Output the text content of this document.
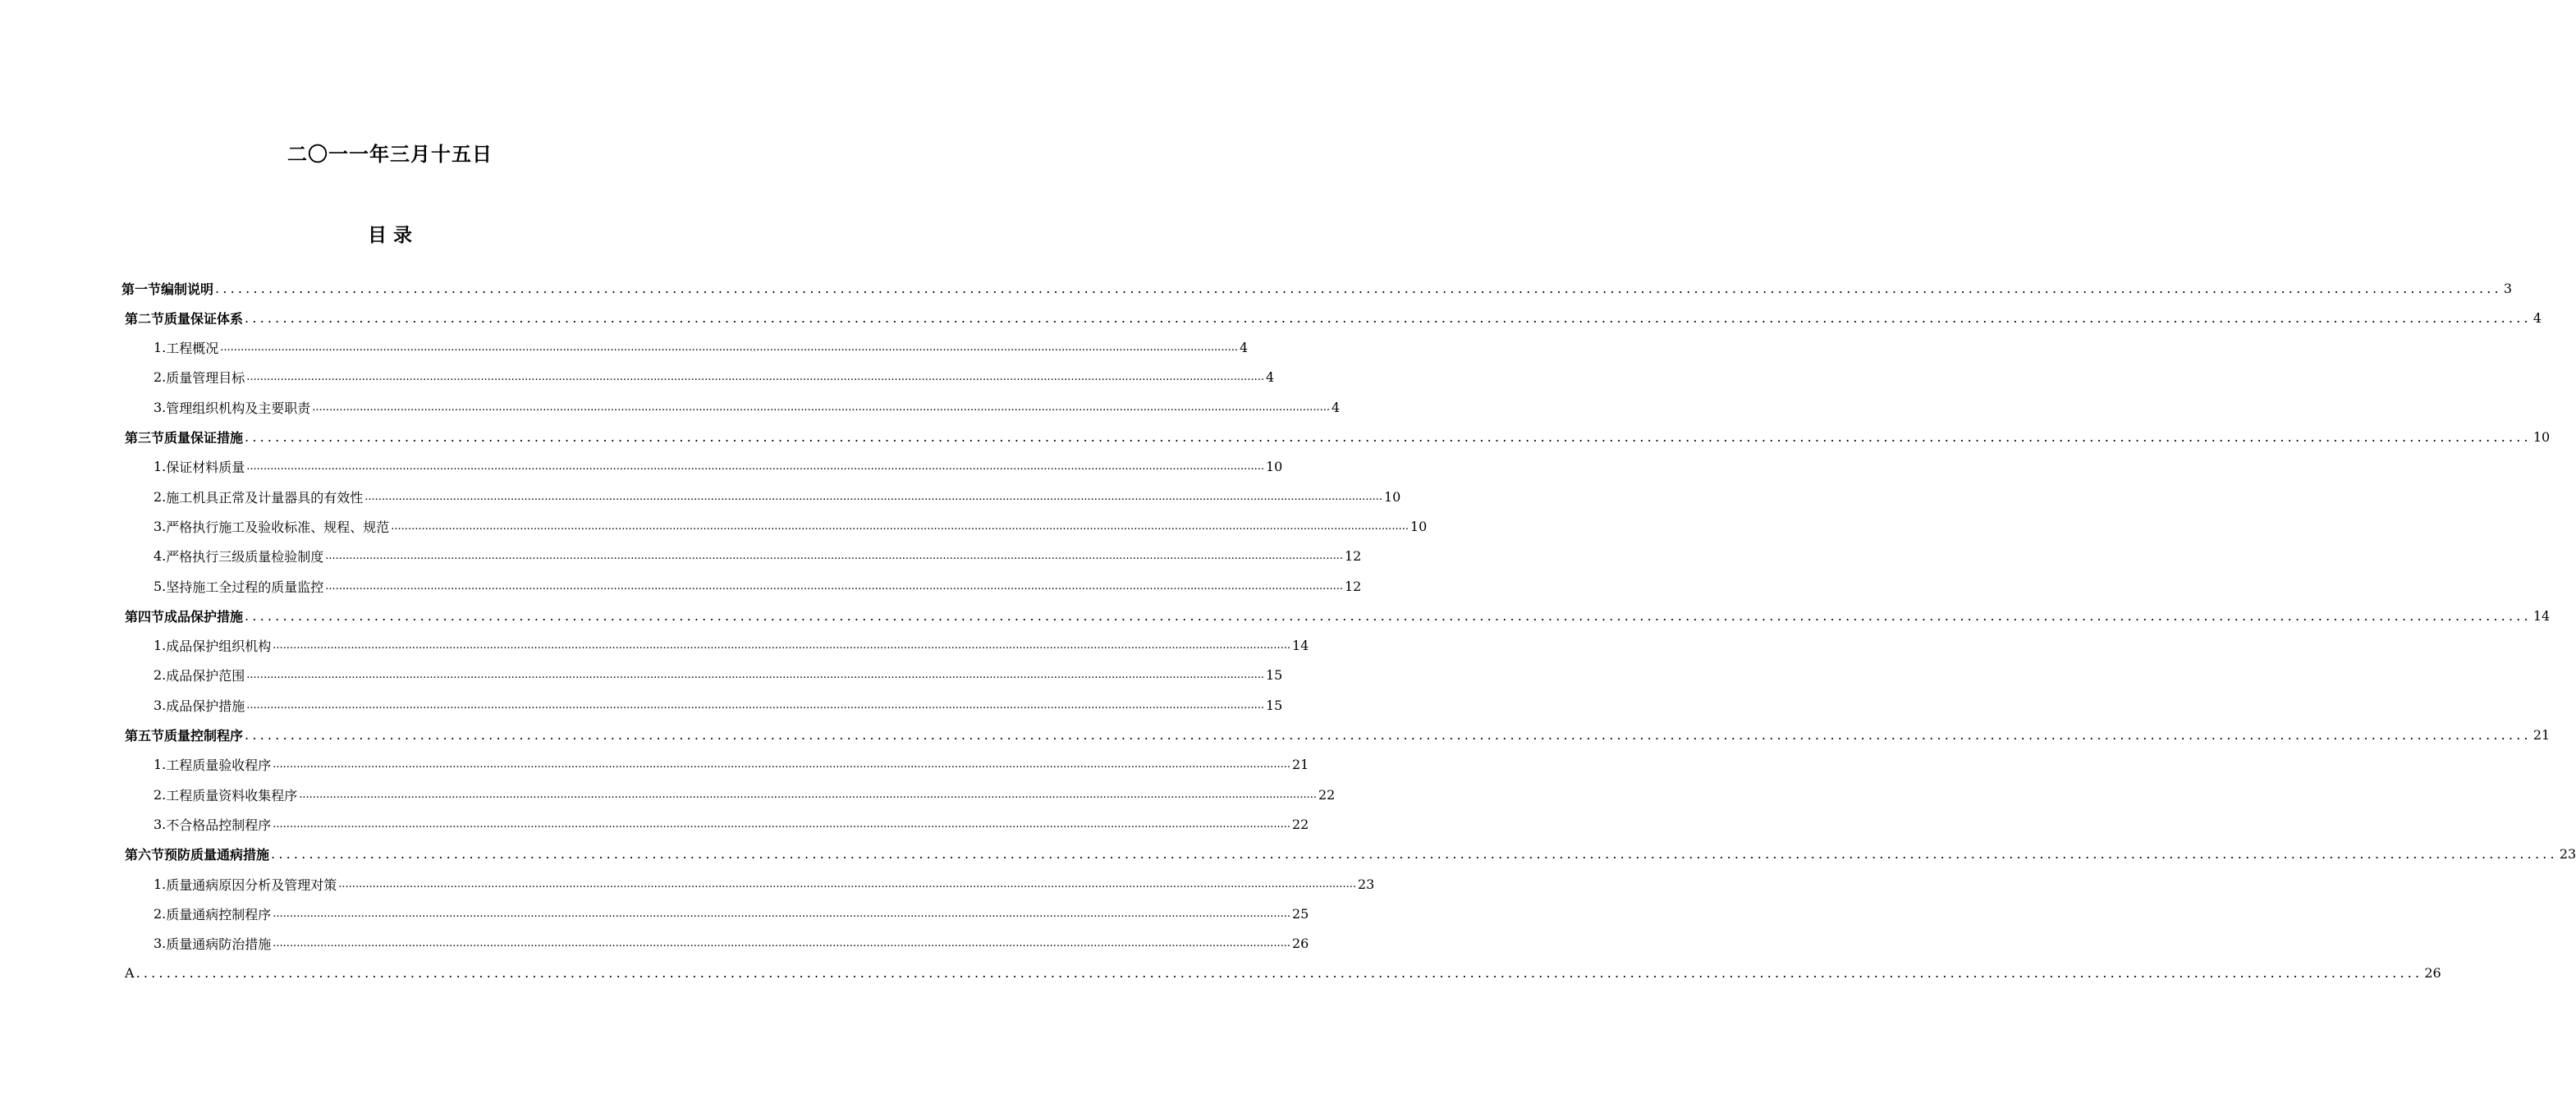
二〇一一年三月十五日
目 录
第一节 编制说明 ............................................................................................................................................................................................................................................................................................................ 3
第二节 质量保证体系 ............................................................................................................................................................................................................................................................................................................ 4
1. 工程概况 ............................................................................................................................................................................................................................................................................................................ 4
2. 质量管理目标 ............................................................................................................................................................................................................................................................................................................ 4
3. 管理组织机构及主要职责 ............................................................................................................................................................................................................................................................................................................ 4
第三节 质量保证措施 ............................................................................................................................................................................................................................................................................................................ 10
1. 保证材料质量 ............................................................................................................................................................................................................................................................................................................ 10
2. 施工机具正常及计量器具的有效性 ............................................................................................................................................................................................................................................................................................................ 10
3. 严格执行施工及验收标准、规程、规范 ............................................................................................................................................................................................................................................................................................................ 10
4. 严格执行三级质量检验制度 ............................................................................................................................................................................................................................................................................................................ 12
5. 坚持施工全过程的质量监控 ............................................................................................................................................................................................................................................................................................................ 12
第四节 成品保护措施 ............................................................................................................................................................................................................................................................................................................ 14
1. 成品保护组织机构 ............................................................................................................................................................................................................................................................................................................ 14
2. 成品保护范围 ............................................................................................................................................................................................................................................................................................................ 15
3. 成品保护措施 ............................................................................................................................................................................................................................................................................................................ 15
第五节 质量控制程序 ............................................................................................................................................................................................................................................................................................................ 21
1. 工程质量验收程序 ............................................................................................................................................................................................................................................................................................................ 21
2. 工程质量资料收集程序 ............................................................................................................................................................................................................................................................................................................ 22
3. 不合格品控制程序 ............................................................................................................................................................................................................................................................................................................ 22
第六节 预防质量通病措施 ............................................................................................................................................................................................................................................................................................................ 23
1. 质量通病原因分析及管理对策 ............................................................................................................................................................................................................................................................................................................ 23
2. 质量通病控制程序 ............................................................................................................................................................................................................................................................................................................ 25
3. 质量通病防治措施 ............................................................................................................................................................................................................................................................................................................ 26
A ............................................................................................................................................................................................................................................................................................................ 26
